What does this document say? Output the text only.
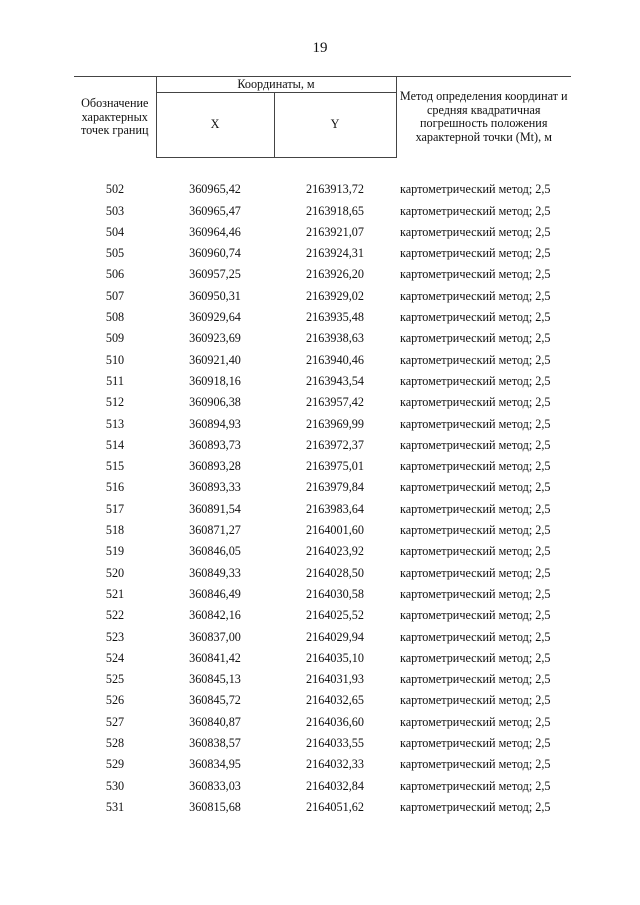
19
Обозначение характерных точек границ	Координаты, м		Метод определения координат и средняя квадратичная погрешность положения характерной точки (Mt), м
	X	Y	

502	360965,42	2163913,72	картометрический метод; 2,5
503	360965,47	2163918,65	картометрический метод; 2,5
504	360964,46	2163921,07	картометрический метод; 2,5
505	360960,74	2163924,31	картометрический метод; 2,5
506	360957,25	2163926,20	картометрический метод; 2,5
507	360950,31	2163929,02	картометрический метод; 2,5
508	360929,64	2163935,48	картометрический метод; 2,5
509	360923,69	2163938,63	картометрический метод; 2,5
510	360921,40	2163940,46	картометрический метод; 2,5
511	360918,16	2163943,54	картометрический метод; 2,5
512	360906,38	2163957,42	картометрический метод; 2,5
513	360894,93	2163969,99	картометрический метод; 2,5
514	360893,73	2163972,37	картометрический метод; 2,5
515	360893,28	2163975,01	картометрический метод; 2,5
516	360893,33	2163979,84	картометрический метод; 2,5
517	360891,54	2163983,64	картометрический метод; 2,5
518	360871,27	2164001,60	картометрический метод; 2,5
519	360846,05	2164023,92	картометрический метод; 2,5
520	360849,33	2164028,50	картометрический метод; 2,5
521	360846,49	2164030,58	картометрический метод; 2,5
522	360842,16	2164025,52	картометрический метод; 2,5
523	360837,00	2164029,94	картометрический метод; 2,5
524	360841,42	2164035,10	картометрический метод; 2,5
525	360845,13	2164031,93	картометрический метод; 2,5
526	360845,72	2164032,65	картометрический метод; 2,5
527	360840,87	2164036,60	картометрический метод; 2,5
528	360838,57	2164033,55	картометрический метод; 2,5
529	360834,95	2164032,33	картометрический метод; 2,5
530	360833,03	2164032,84	картометрический метод; 2,5
531	360815,68	2164051,62	картометрический метод; 2,5
